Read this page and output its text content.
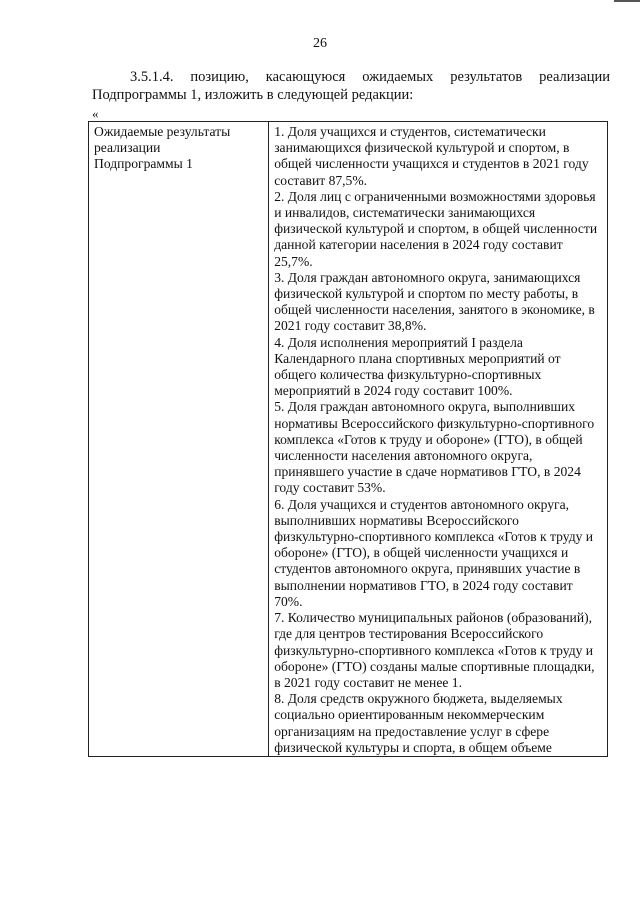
26
3.5.1.4. позицию, касающуюся ожидаемых результатов реализации
Подпрограммы 1, изложить в следующей редакции:
«
Ожидаемые результаты
реализации
Подпрограммы 1

1. Доля учащихся и студентов, систематически занимающихся физической культурой и спортом, в общей численности учащихся и студентов в 2021 году составит 87,5%.
2. Доля лиц с ограниченными возможностями здоровья и инвалидов, систематически занимающихся физической культурой и спортом, в общей численности данной категории населения в 2024 году составит 25,7%.
3. Доля граждан автономного округа, занимающихся физической культурой и спортом по месту работы, в общей численности населения, занятого в экономике, в 2021 году составит 38,8%.
4. Доля исполнения мероприятий I раздела Календарного плана спортивных мероприятий от общего количества физкультурно-спортивных мероприятий в 2024 году составит 100%.
5. Доля граждан автономного округа, выполнивших нормативы Всероссийского физкультурно-спортивного комплекса «Готов к труду и обороне» (ГТО), в общей численности населения автономного округа, принявшего участие в сдаче нормативов ГТО, в 2024 году составит 53%.
6. Доля учащихся и студентов автономного округа, выполнивших нормативы Всероссийского физкультурно-спортивного комплекса «Готов к труду и обороне» (ГТО), в общей численности учащихся и студентов автономного округа, принявших участие в выполнении нормативов ГТО, в 2024 году составит 70%.
7. Количество муниципальных районов (образований), где для центров тестирования Всероссийского физкультурно-спортивного комплекса «Готов к труду и обороне» (ГТО) созданы малые спортивные площадки, в 2021 году составит не менее 1.
8. Доля средств окружного бюджета, выделяемых социально ориентированным некоммерческим организациям на предоставление услуг в сфере физической культуры и спорта, в общем объеме
